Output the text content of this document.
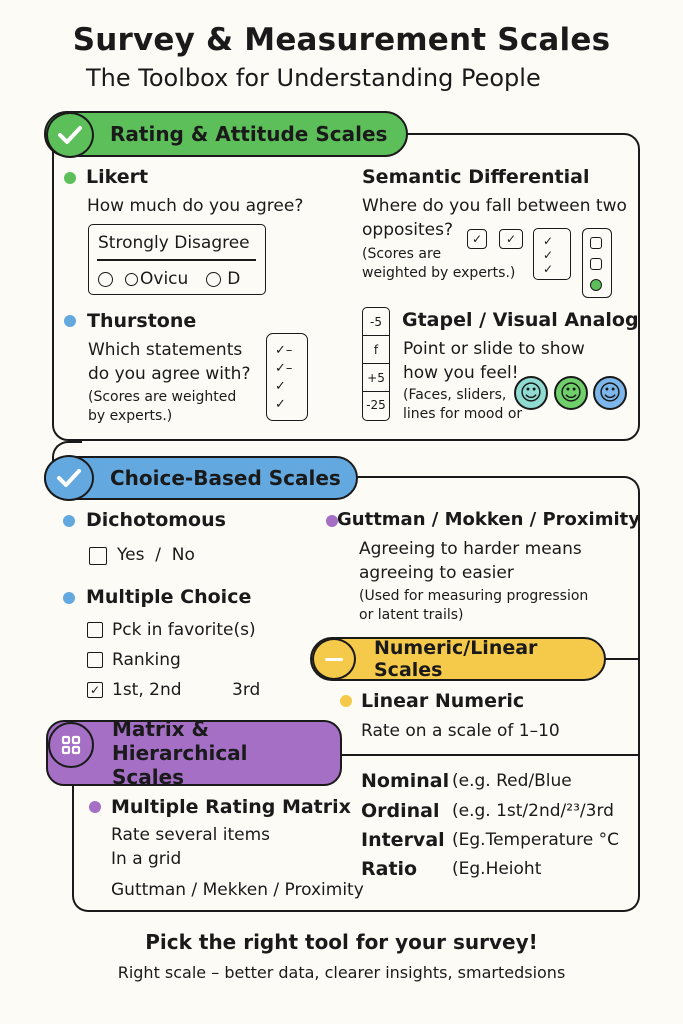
Survey & Measurement Scales
The Toolbox for Understanding People
Rating & Attitude Scales
Likert
How much do you agree?
Strongly Disagree
Ovicu D
Semantic Differential
Where do you fall between two
opposites?
(Scores are
weighted by experts.)
✓	✓	✓
✓
✓
Thurstone
Which statements
do you agree with?
(Scores are weighted
by experts.)
✓–
✓–
✓
✓
-5
f
+5
-25
Gtapel / Visual Analog
Point or slide to show
how you feel!
(Faces, sliders,
lines for mood or
☺ ☺ ☺
Choice-Based Scales
Dichotomous
Yes  /  No
Multiple Choice
Pck in favorite(s)
Ranking
✓ 1st, 2nd	3rd
Guttman / Mokken / Proximity
Agreeing to harder means
agreeing to easier
(Used for measuring progression
or latent trails)
Numeric/Linear Scales
Linear Numeric
Rate on a scale of 1–10
Nominal (e.g. Red/Blue
Ordinal (e.g. 1st/2nd/²³/3rd
Interval (Eg.Temperature °C
Ratio (Eg.Heioht
Matrix & Hierarchical
Scales
Multiple Rating Matrix
Rate several items
In a grid
Guttman / Mekken / Proximity
Pick the right tool for your survey!
Right scale – better data, clearer insights, smartedsions
